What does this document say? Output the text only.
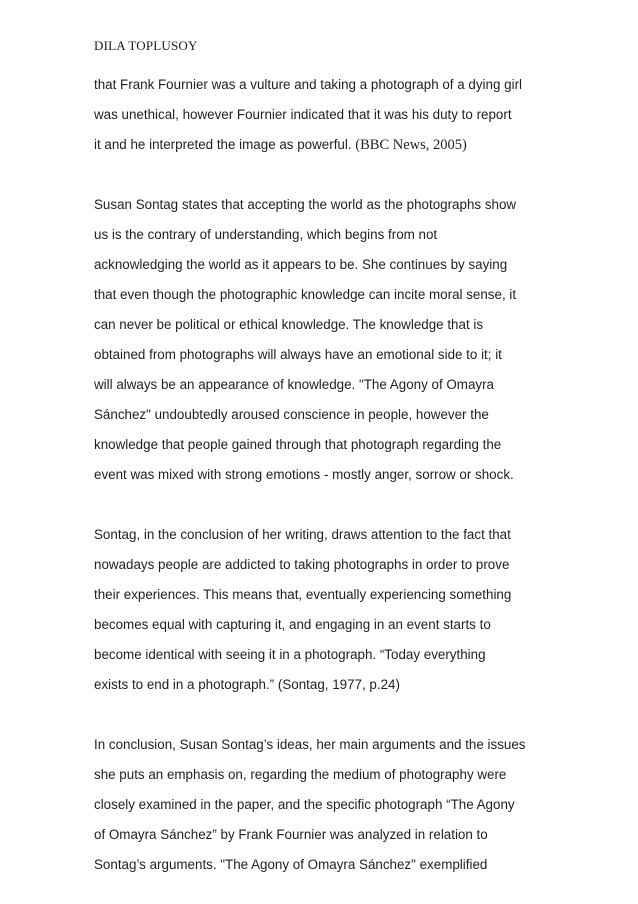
DILA TOPLUSOY
that Frank Fournier was a vulture and taking a photograph of a dying girl
was unethical, however Fournier indicated that it was his duty to report
it and he interpreted the image as powerful. (BBC News, 2005)
Susan Sontag states that accepting the world as the photographs show
us is the contrary of understanding, which begins from not
acknowledging the world as it appears to be. She continues by saying
that even though the photographic knowledge can incite moral sense, it
can never be political or ethical knowledge. The knowledge that is
obtained from photographs will always have an emotional side to it; it
will always be an appearance of knowledge. "The Agony of Omayra
Sánchez" undoubtedly aroused conscience in people, however the
knowledge that people gained through that photograph regarding the
event was mixed with strong emotions - mostly anger, sorrow or shock.
Sontag, in the conclusion of her writing, draws attention to the fact that
nowadays people are addicted to taking photographs in order to prove
their experiences. This means that, eventually experiencing something
becomes equal with capturing it, and engaging in an event starts to
become identical with seeing it in a photograph. “Today everything
exists to end in a photograph.” (Sontag, 1977, p.24)
In conclusion, Susan Sontag’s ideas, her main arguments and the issues
she puts an emphasis on, regarding the medium of photography were
closely examined in the paper, and the specific photograph “The Agony
of Omayra Sánchez” by Frank Fournier was analyzed in relation to
Sontag’s arguments. "The Agony of Omayra Sánchez" exemplified
